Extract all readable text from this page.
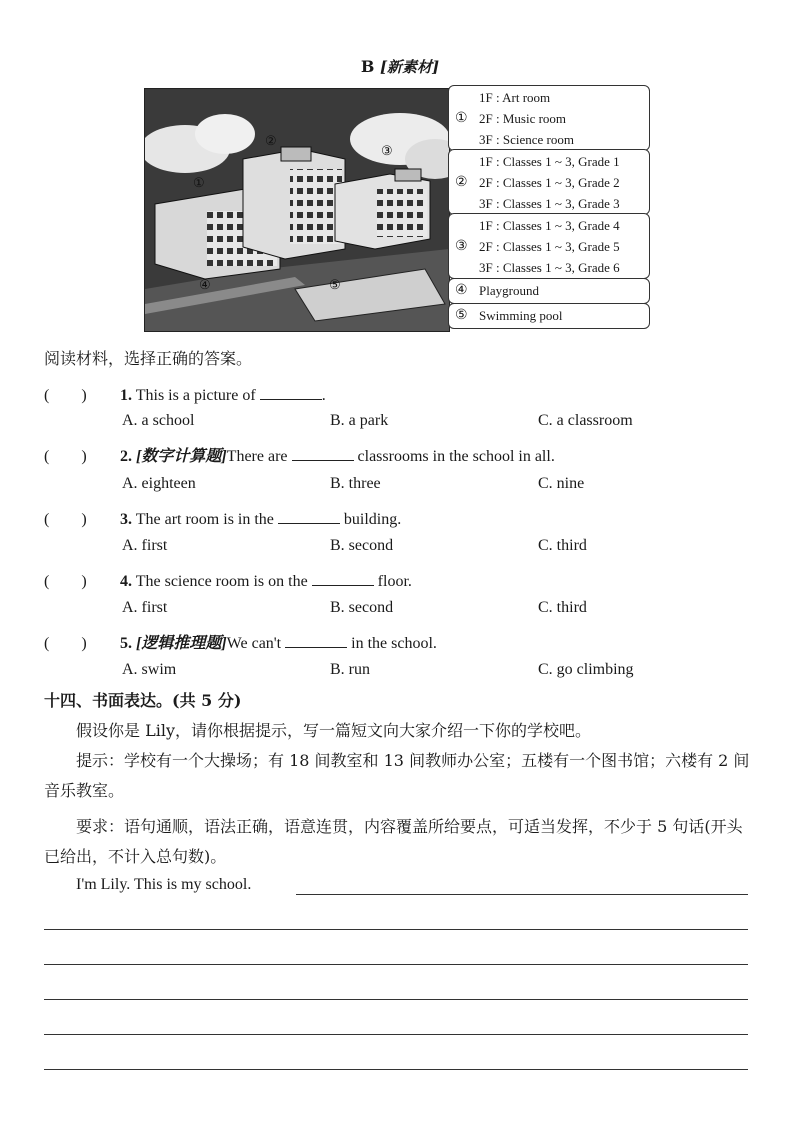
B [新素材]
①
②
③
④	⑤
①
1F : Art room
2F : Music room
3F : Science room
②
1F : Classes 1 ~ 3, Grade 1
2F : Classes 1 ~ 3, Grade 2
3F : Classes 1 ~ 3, Grade 3
③
1F : Classes 1 ~ 3, Grade 4
2F : Classes 1 ~ 3, Grade 5
3F : Classes 1 ~ 3, Grade 6
④ Playground
⑤ Swimming pool
阅读材料，选择正确的答案。
(　　) 1. This is a picture of	.
A. a school	B. a park	C. a classroom
(　　) 2. [数字计算题]There are	classrooms in the school in all.
A. eighteen	B. three	C. nine
(　　) 3. The art room is in the	building.
A. first	B. second	C. third
(　　) 4. The science room is on the	floor.
A. first	B. second	C. third
(　　) 5. [逻辑推理题]We can't	in the school.
A. swim	B. run	C. go climbing
十四、书面表达。(共 5 分)
假设你是 Lily，请你根据提示，写一篇短文向大家介绍一下你的学校吧。
提示：学校有一个大操场；有 18 间教室和 13 间教师办公室；五楼有一个图书馆；六楼有 2 间音乐教室。
要求：语句通顺，语法正确，语意连贯，内容覆盖所给要点，可适当发挥，不少于 5 句话(开头已给出，不计入总句数)。
I'm Lily. This is my school.
